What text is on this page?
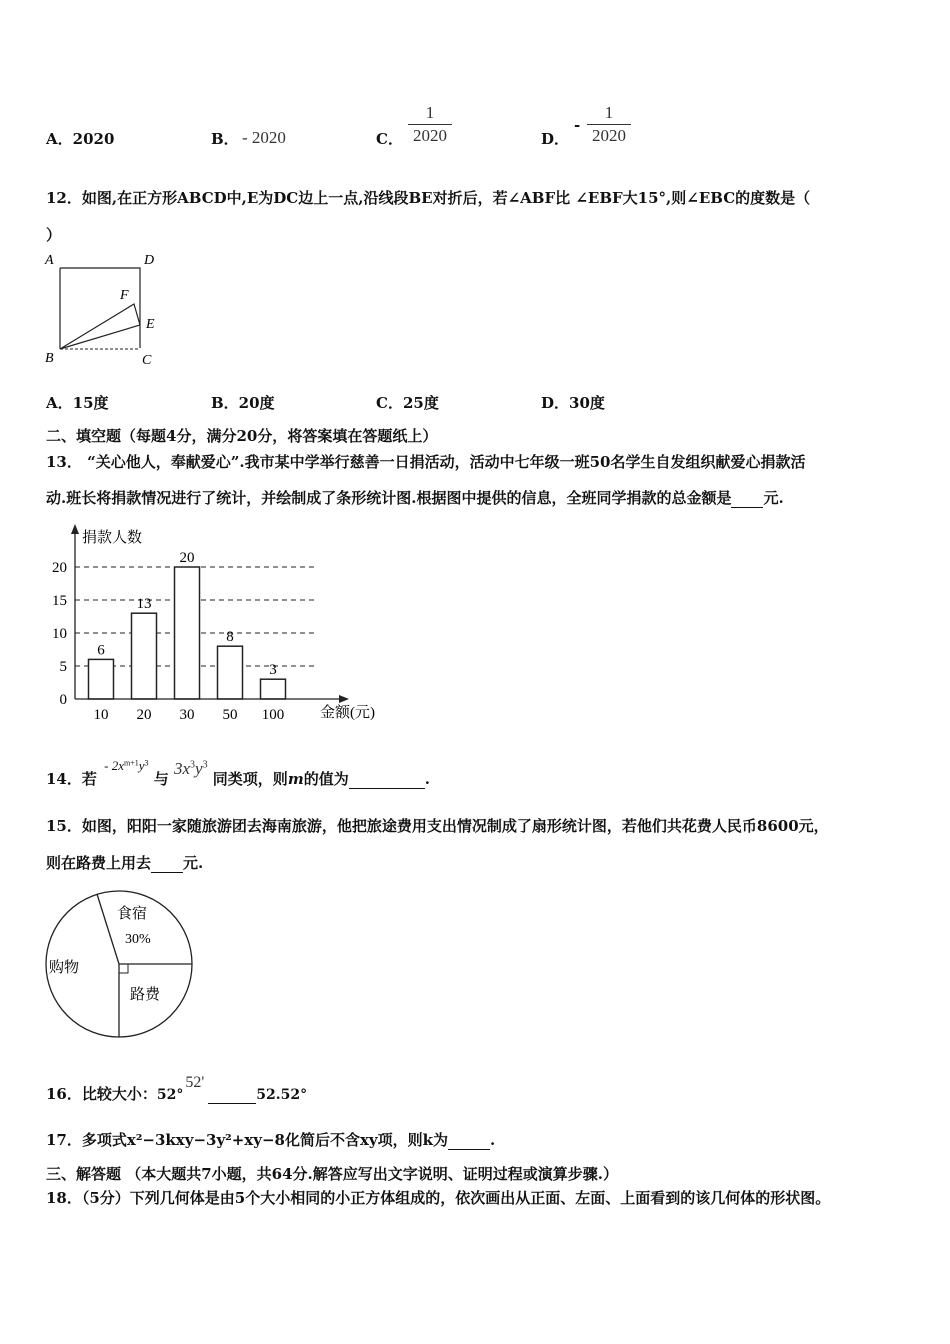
A．2020	B． - 2020	C．
1
2020	D．
-
1
2020
12．如图,在正方形ABCD中,E为DC边上一点,沿线段BE对折后，若∠ABF比 ∠EBF大15°,则∠EBC的度数是（
）
A	D
B	C
F
E
A．15度	B．20度	C．25度	D．30度
二、填空题（每题4分，满分20分，将答案填在答题纸上）
13． “关心他人，奉献爱心”.我市某中学举行慈善一日捐活动，活动中七年级一班50名学生自发组织献爱心捐款活
动.班长将捐款情况进行了统计，并绘制成了条形统计图.根据图中提供的信息，全班同学捐款的总金额是 元.
0
5
10
15
20
6
10
13
20
20
30
8
50
3
100
捐款人数
金额(元)
14．若 $^{- 2x^{m+1}y^3}$ 与 $3x^3y^3$ 同类项，则m的值为	.
15．如图，阳阳一家随旅游团去海南旅游，他把旅途费用支出情况制成了扇形统计图，若他们共花费人民币8600元，
则在路费上用去 元.
食宿
30%
购物
路费
16．比较大小：52°52' 52.52°
17．多项式x²−3kxy−3y²+xy−8化简后不含xy项，则k为	.
三、解答题 （本大题共7小题，共64分.解答应写出文字说明、证明过程或演算步骤.）
18．（5分）下列几何体是由5个大小相同的小正方体组成的，依次画出从正面、左面、上面看到的该几何体的形状图。
